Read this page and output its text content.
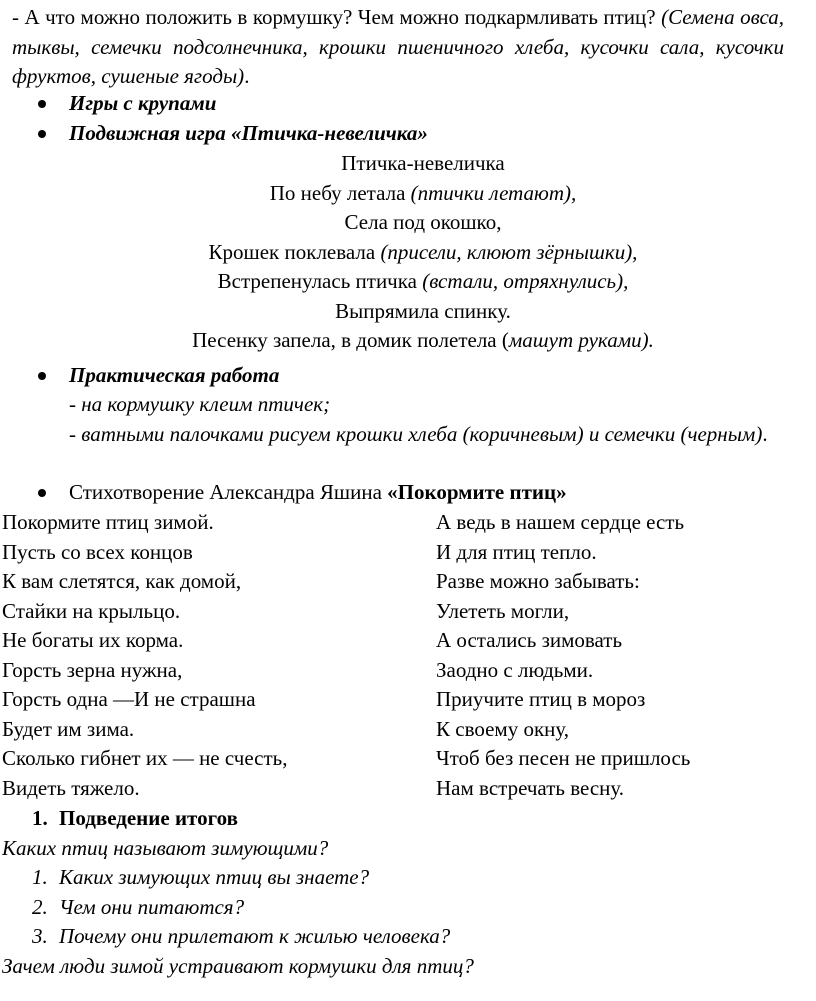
- А что можно положить в кормушку? Чем можно подкармливать птиц? (Семена овса, тыквы, семечки подсолнечника, крошки пшеничного хлеба, кусочки сала, кусочки фруктов, сушеные ягоды).
Игры с крупами
Подвижная игра «Птичка-невеличка»
Птичка-невеличка
По небу летала (птички летают),
Села под окошко,
Крошек поклевала (присели, клюют зёрнышки),
Встрепенулась птичка (встали, отряхнулись),
Выпрямила спинку.
Песенку запела, в домик полетела (машут руками).
Практическая работа
- на кормушку клеим птичек;
- ватными палочками рисуем крошки хлеба (коричневым) и семечки (черным).
Стихотворение Александра Яшина «Покормите птиц»
Покормите птиц зимой.
Пусть со всех концов
К вам слетятся, как домой,
Стайки на крыльцо.
Не богаты их корма.
Горсть зерна нужна,
Горсть одна —И не страшна
Будет им зима.
Сколько гибнет их — не счесть,
Видеть тяжело.
А ведь в нашем сердце есть
И для птиц тепло.
Разве можно забывать:
Улететь могли,
А остались зимовать
Заодно с людьми.
Приучите птиц в мороз
К своему окну,
Чтоб без песен не пришлось
Нам встречать весну.
1. Подведение итогов
Каких птиц называют зимующими?
1. Каких зимующих птиц вы знаете?
2. Чем они питаются?
3. Почему они прилетают к жилью человека?
Зачем люди зимой устраивают кормушки для птиц?
